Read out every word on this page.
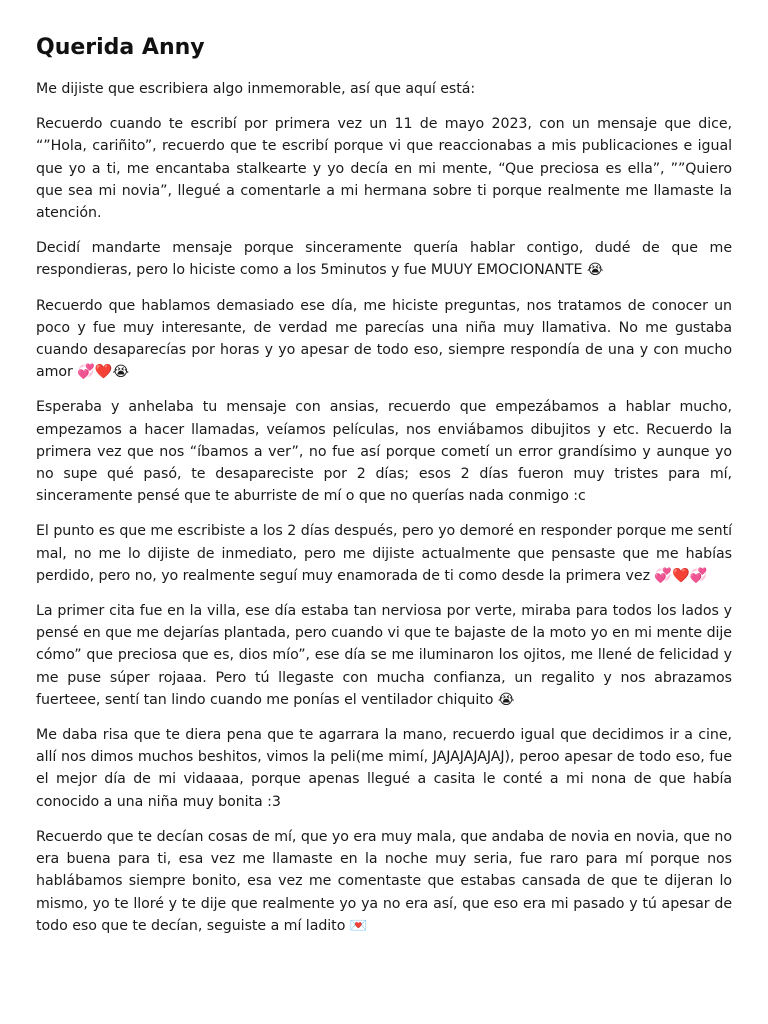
Querida Anny

Me dijiste que escribiera algo inmemorable, así que aquí está:

Recuerdo cuando te escribí por primera vez un 11 de mayo 2023, con un mensaje que dice, “”Hola, cariñito”, recuerdo que te escribí porque vi que reaccionabas a mis publicaciones e igual que yo a ti, me encantaba stalkearte y yo decía en mi mente, “Que preciosa es ella”, ””Quiero que sea mi novia”, llegué a comentarle a mi hermana sobre ti porque realmente me llamaste la atención.

Decidí mandarte mensaje porque sinceramente quería hablar contigo, dudé de que me respondieras, pero lo hiciste como a los 5minutos y fue MUUY EMOCIONANTE 😭

Recuerdo que hablamos demasiado ese día, me hiciste preguntas, nos tratamos de conocer un poco y fue muy interesante, de verdad me parecías una niña muy llamativa. No me gustaba cuando desaparecías por horas y yo apesar de todo eso, siempre respondía de una y con mucho amor 💞❤️😭

Esperaba y anhelaba tu mensaje con ansias, recuerdo que empezábamos a hablar mucho, empezamos a hacer llamadas, veíamos películas, nos enviábamos dibujitos y etc. Recuerdo la primera vez que nos “íbamos a ver”, no fue así porque cometí un error grandísimo y aunque yo no supe qué pasó, te desapareciste por 2 días; esos 2 días fueron muy tristes para mí, sinceramente pensé que te aburriste de mí o que no querías nada conmigo :c

El punto es que me escribiste a los 2 días después, pero yo demoré en responder porque me sentí mal, no me lo dijiste de inmediato, pero me dijiste actualmente que pensaste que me habías perdido, pero no, yo realmente seguí muy enamorada de ti como desde la primera vez 💞❤️💞

La primer cita fue en la villa, ese día estaba tan nerviosa por verte, miraba para todos los lados y pensé en que me dejarías plantada, pero cuando vi que te bajaste de la moto yo en mi mente dije cómo” que preciosa que es, dios mío”, ese día se me iluminaron los ojitos, me llené de felicidad y me puse súper rojaaa. Pero tú llegaste con mucha confianza, un regalito y nos abrazamos fuerteee, sentí tan lindo cuando me ponías el ventilador chiquito 😭

Me daba risa que te diera pena que te agarrara la mano, recuerdo igual que decidimos ir a cine, allí nos dimos muchos beshitos, vimos la peli(me mimí, JAJAJAJAJAJ), peroo apesar de todo eso, fue el mejor día de mi vidaaaa, porque apenas llegué a casita le conté a mi nona de que había conocido a una niña muy bonita :3

Recuerdo que te decían cosas de mí, que yo era muy mala, que andaba de novia en novia, que no era buena para ti, esa vez me llamaste en la noche muy seria, fue raro para mí porque nos hablábamos siempre bonito, esa vez me comentaste que estabas cansada de que te dijeran lo mismo, yo te lloré y te dije que realmente yo ya no era así, que eso era mi pasado y tú apesar de todo eso que te decían, seguiste a mí ladito 💌
